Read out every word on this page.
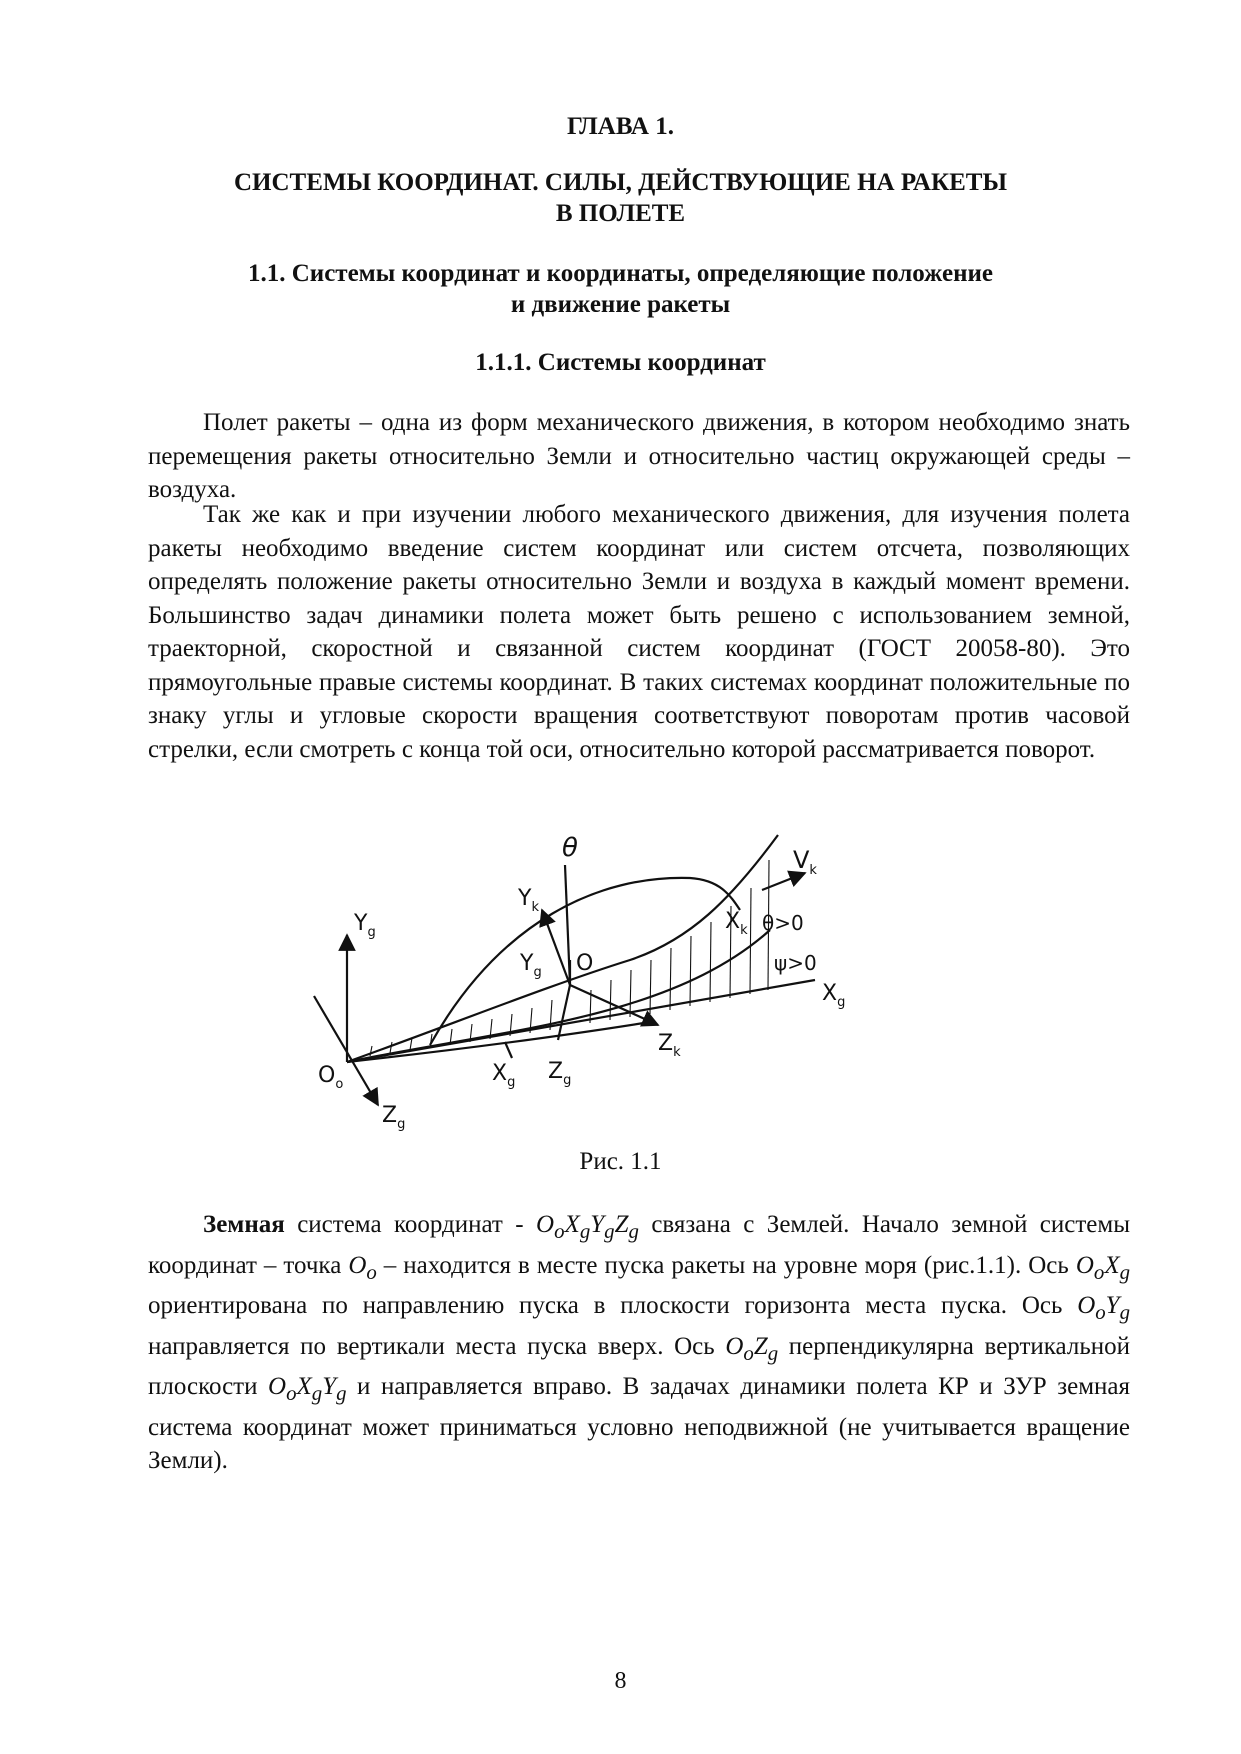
ГЛАВА 1.
СИСТЕМЫ КООРДИНАТ. СИЛЫ, ДЕЙСТВУЮЩИЕ НА РАКЕТЫ
В ПОЛЕТЕ
1.1. Системы координат и координаты, определяющие положение
и движение ракеты
1.1.1. Системы координат
Полет ракеты – одна из форм механического движения, в котором необходимо знать перемещения ракеты относительно Земли и относительно частиц окружающей среды – воздуха.
Так же как и при изучении любого механического движения, для изучения полета ракеты необходимо введение систем координат или систем отсчета, позволяющих определять положение ракеты относительно Земли и воздуха в каждый момент времени. Большинство задач динамики полета может быть решено с использованием земной, траекторной, скоростной и связанной систем координат (ГОСТ 20058-80). Это прямоугольные правые системы координат. В таких системах координат положительные по знаку углы и угловые скорости вращения соответствуют поворотам против часовой стрелки, если смотреть с конца той оси, относительно которой рассматривается поворот.
θ	$V_k$
$Y_k$
$Y_g$	$X_k$ θ>0
$Y_g$ O	ψ>0
$X_g$
$Z_k$
$O_o$	$X_g$ $Z_g$
$Z_g$
Рис. 1.1
Земная система координат - $O_oX_gY_gZ_g$ связана с Землей. Начало земной системы координат – точка $O_o$ – находится в месте пуска ракеты на уровне моря (рис.1.1). Ось $O_oX_g$ ориентирована по направлению пуска в плоскости горизонта места пуска. Ось $O_oY_g$ направляется по вертикали места пуска вверх. Ось $O_oZ_g$ перпендикулярна вертикальной плоскости $O_oX_gY_g$ и направляется вправо. В задачах динамики полета КР и ЗУР земная система координат может приниматься условно неподвижной (не учитывается вращение Земли).
8
